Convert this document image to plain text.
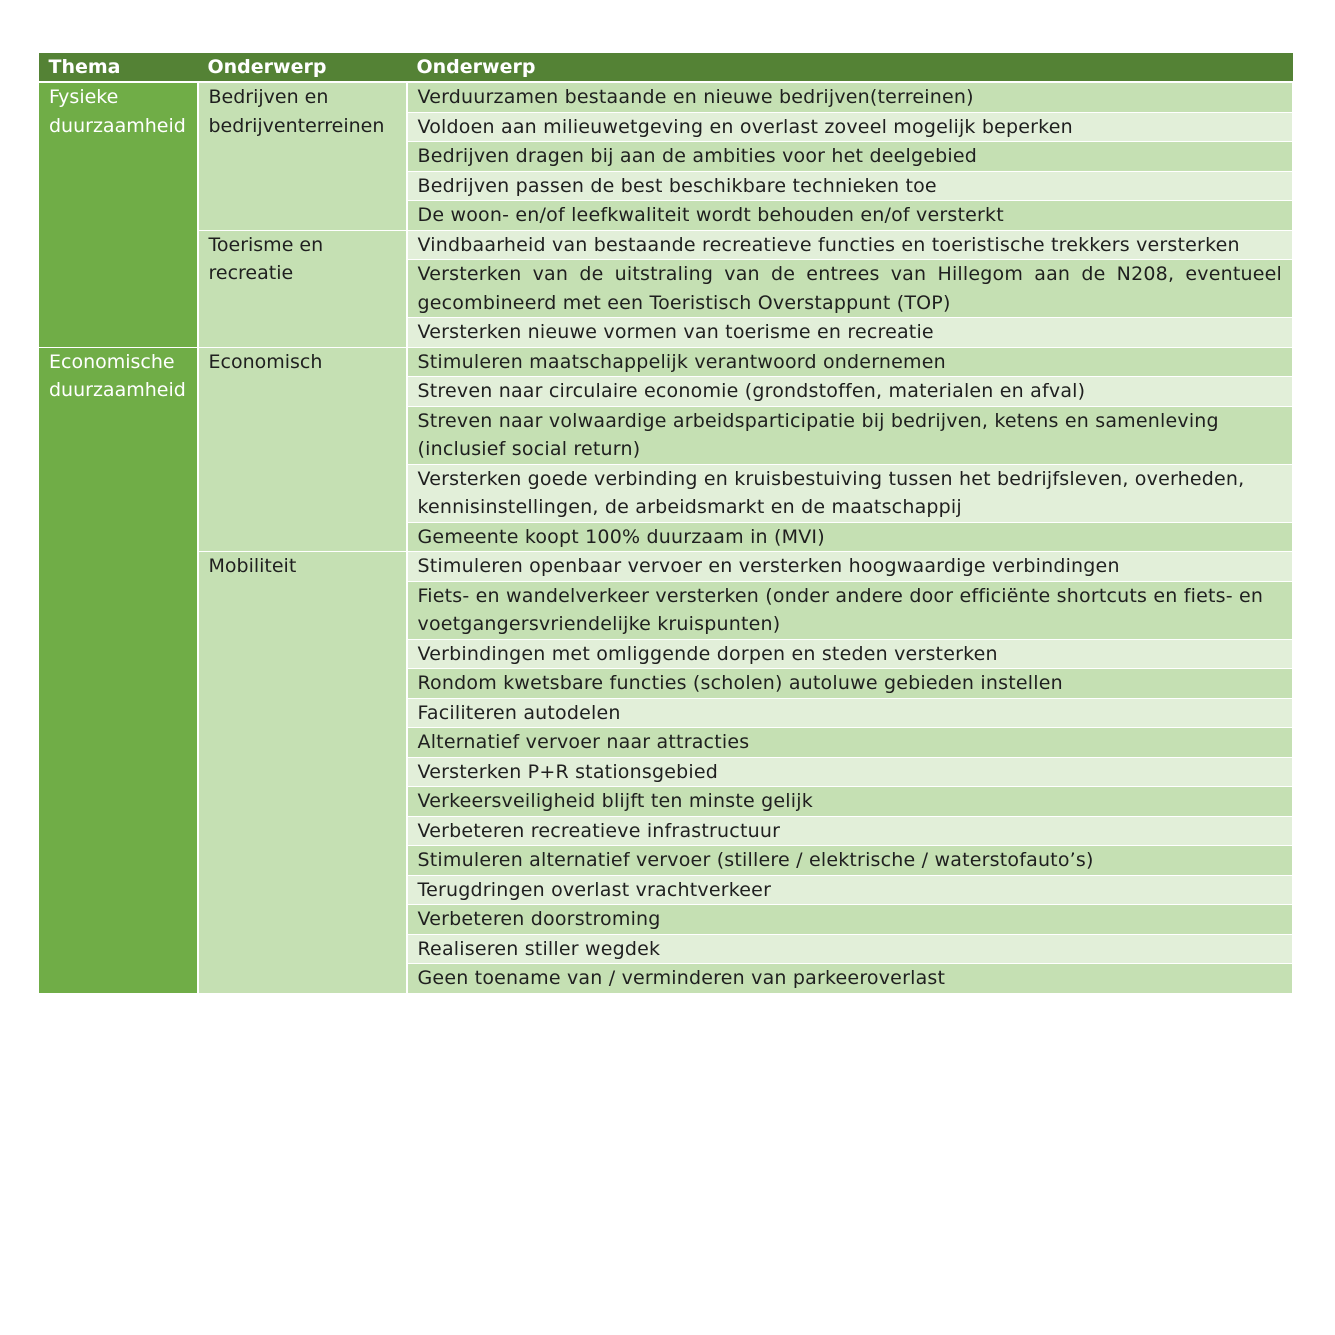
Thema	Onderwerp	Onderwerp
Fysieke duurzaamheid	Bedrijven en bedrijventerreinen	Verduurzamen bestaande en nieuwe bedrijven(terreinen)
		Voldoen aan milieuwetgeving en overlast zoveel mogelijk beperken
		Bedrijven dragen bij aan de ambities voor het deelgebied
		Bedrijven passen de best beschikbare technieken toe
		De woon- en/of leefkwaliteit wordt behouden en/of versterkt
	Toerisme en recreatie	Vindbaarheid van bestaande recreatieve functies en toeristische trekkers versterken
		Versterken van de uitstraling van de entrees van Hillegom aan de N208, eventueel gecombineerd met een Toeristisch Overstappunt (TOP)
		Versterken nieuwe vormen van toerisme en recreatie
Economische duurzaamheid	Economisch	Stimuleren maatschappelijk verantwoord ondernemen
		Streven naar circulaire economie (grondstoffen, materialen en afval)
		Streven naar volwaardige arbeidsparticipatie bij bedrijven, ketens en samenleving (inclusief social return)
		Versterken goede verbinding en kruisbestuiving tussen het bedrijfsleven, overheden, kennisinstellingen, de arbeidsmarkt en de maatschappij
		Gemeente koopt 100% duurzaam in (MVI)
	Mobiliteit	Stimuleren openbaar vervoer en versterken hoogwaardige verbindingen
		Fiets- en wandelverkeer versterken (onder andere door efficiënte shortcuts en fiets- en voetgangersvriendelijke kruispunten)
		Verbindingen met omliggende dorpen en steden versterken
		Rondom kwetsbare functies (scholen) autoluwe gebieden instellen
		Faciliteren autodelen
		Alternatief vervoer naar attracties
		Versterken P+R stationsgebied
		Verkeersveiligheid blijft ten minste gelijk
		Verbeteren recreatieve infrastructuur
		Stimuleren alternatief vervoer (stillere / elektrische / waterstofauto’s)
		Terugdringen overlast vrachtverkeer
		Verbeteren doorstroming
		Realiseren stiller wegdek
		Geen toename van / verminderen van parkeeroverlast
